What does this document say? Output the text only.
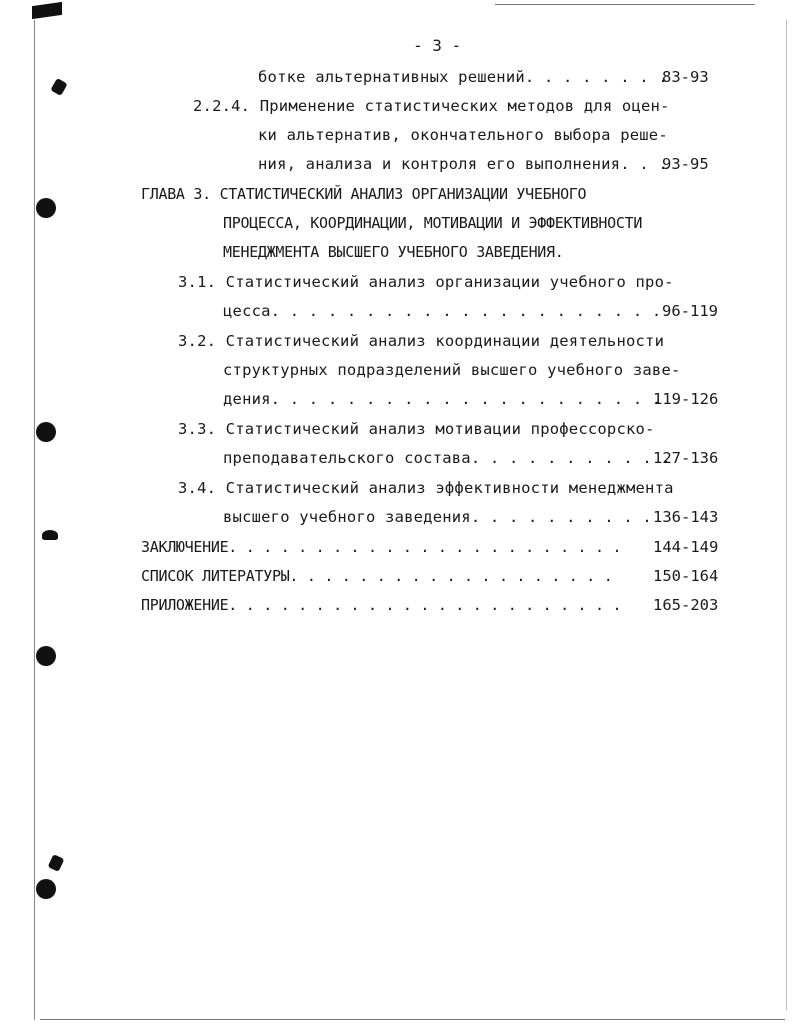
- 3 -
ботке альтернативных решений. . . . . . . .
83-93
2.2.4. Применение статистических методов для оцен-
ки альтернатив, окончательного выбора реше-
ния, анализа и контроля его выполнения. . .
93-95
ГЛАВА 3. СТАТИСТИЧЕСКИЙ АНАЛИЗ ОРГАНИЗАЦИИ УЧЕБНОГО
ПРОЦЕССА, КООРДИНАЦИИ, МОТИВАЦИИ И ЭФФЕКТИВНОСТИ
МЕНЕДЖМЕНТА ВЫСШЕГО УЧЕБНОГО ЗАВЕДЕНИЯ.
3.1. Статистический анализ организации учебного про-
цесса. . . . . . . . . . . . . . . . . . . . . 96-119
3.2. Статистический анализ координации деятельности
структурных подразделений высшего учебного заве-
дения. . . . . . . . . . . . . . . . . . . . .
119-126
3.3. Статистический анализ мотивации профессорско-
преподавательского состава. . . . . . . . . . .
127-136
3.4. Статистический анализ эффективности менеджмента
высшего учебного заведения. . . . . . . . . . 136-143
ЗАКЛЮЧЕНИЕ. . . . . . . . . . . . . . . . . . . . . . . 144-149
СПИСОК ЛИТЕРАТУРЫ. . . . . . . . . . . . . . . . . . .	150-164
ПРИЛОЖЕНИЕ. . . . . . . . . . . . . . . . . . . . . . . 165-203
